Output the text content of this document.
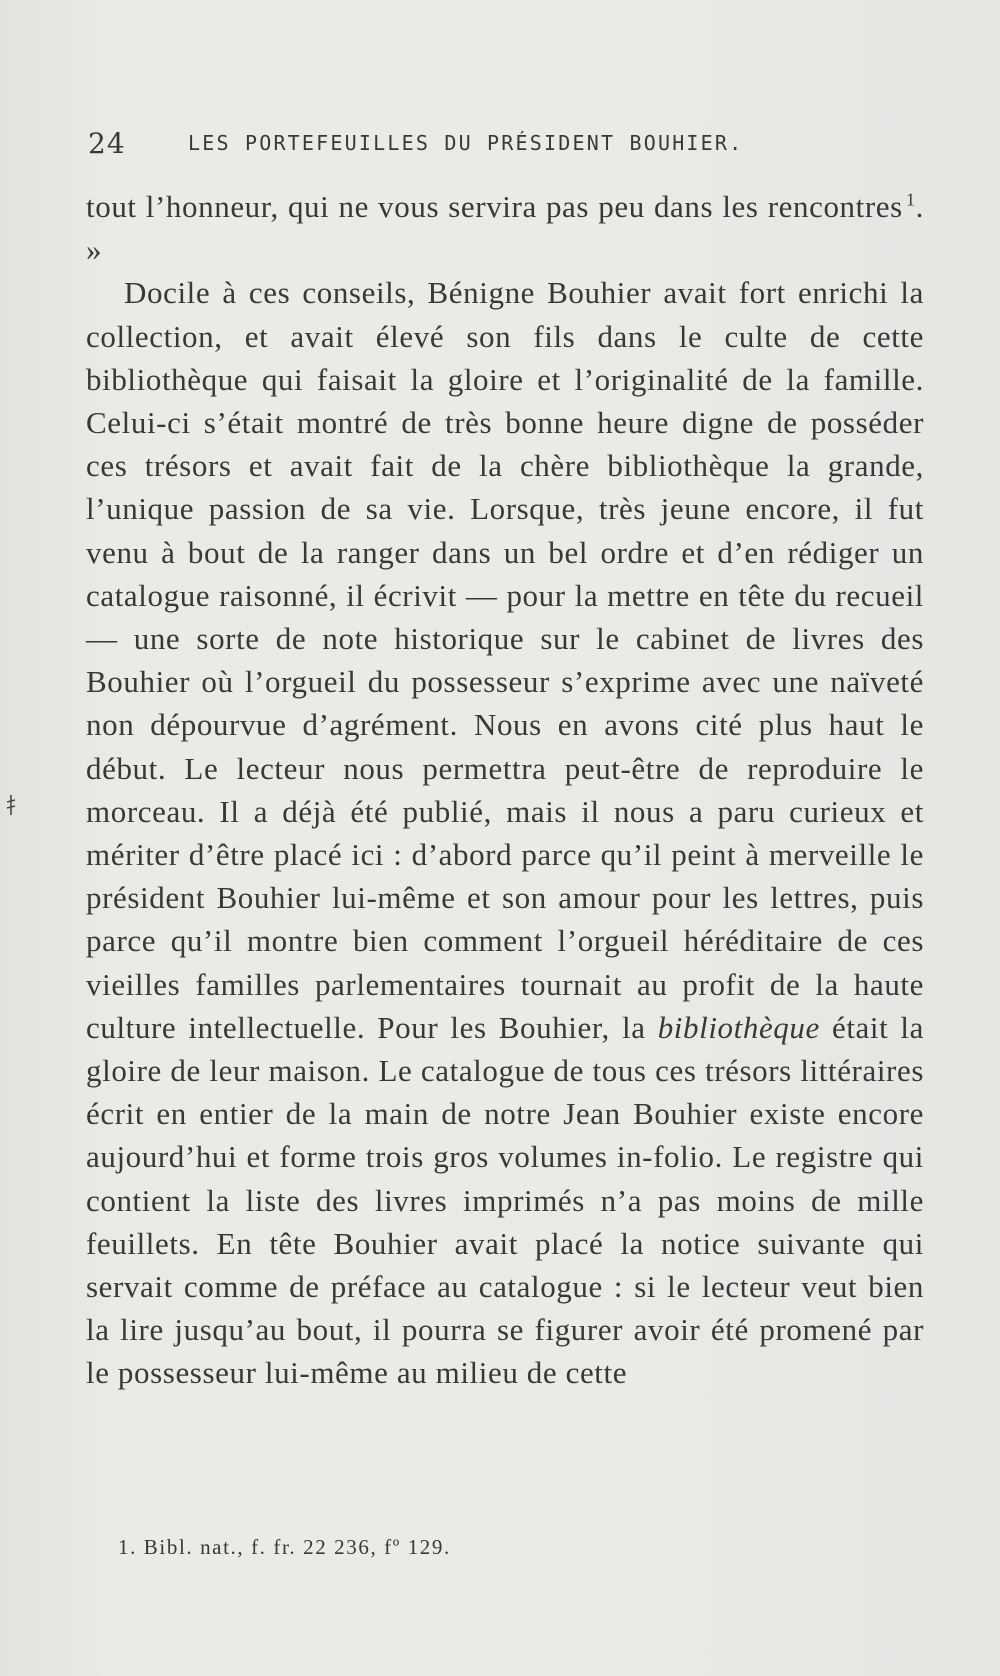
24	LES PORTEFEUILLES DU PRÉSIDENT BOUHIER.

tout l’honneur, qui ne vous servira pas peu dans les rencontres  $^1$. »

Docile à ces conseils, Bénigne Bouhier avait fort enrichi la collection, et avait élevé son fils dans le culte de cette bibliothèque qui faisait la gloire et l’originalité de la famille. Celui-ci s’était montré de très bonne heure digne de posséder ces trésors et avait fait de la chère bibliothèque la grande, l’unique passion de sa vie. Lorsque, très jeune encore, il fut venu à bout de la ranger dans un bel ordre et d’en rédiger un catalogue raisonné, il écrivit — pour la mettre en tête du recueil — une sorte de note historique sur le cabinet de livres des Bouhier où l’orgueil du possesseur s’exprime avec une naïveté non dépourvue d’agrément. Nous en avons cité plus haut le début. Le lecteur nous permettra peut-être de reproduire le morceau. Il a déjà été publié, mais il nous a paru curieux et mériter d’être placé ici : d’abord parce qu’il peint à merveille le président Bouhier lui-même et son amour pour les lettres, puis parce qu’il montre bien comment l’orgueil héréditaire de ces vieilles familles parlementaires tournait au profit de la haute culture intellectuelle. Pour les Bouhier, la bibliothèque était la gloire de leur maison. Le catalogue de tous ces trésors littéraires écrit en entier de la main de notre Jean Bouhier existe encore aujourd’hui et forme trois gros volumes in-folio. Le registre qui contient la liste des livres imprimés n’a pas moins de mille feuillets. En tête Bouhier avait placé la notice suivante qui servait comme de préface au catalogue : si le lecteur veut bien la lire jusqu’au bout, il pourra se figurer avoir été promené par le possesseur lui-même au milieu de cette

1. Bibl. nat., f. fr. 22 236, fº 129.
